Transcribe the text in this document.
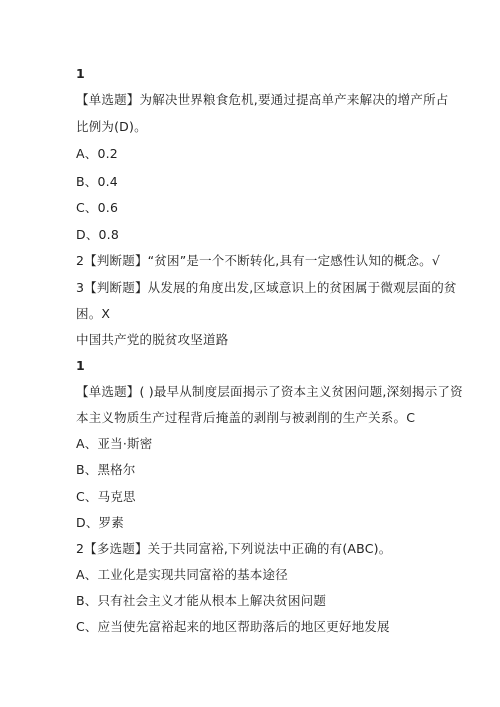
1
【单选题】为解决世界粮食危机,要通过提高单产来解决的增产所占
比例为(D)。
A、0.2
B、0.4
C、0.6
D、0.8
2【判断题】“贫困”是一个不断转化,具有一定感性认知的概念。√
3【判断题】从发展的角度出发,区域意识上的贫困属于微观层面的贫
困。X
中国共产党的脱贫攻坚道路
1
【单选题】( )最早从制度层面揭示了资本主义贫困问题,深刻揭示了资
本主义物质生产过程背后掩盖的剥削与被剥削的生产关系。C
A、亚当·斯密
B、黑格尔
C、马克思
D、罗素
2【多选题】关于共同富裕,下列说法中正确的有(ABC)。
A、工业化是实现共同富裕的基本途径
B、只有社会主义才能从根本上解决贫困问题
C、应当使先富裕起来的地区帮助落后的地区更好地发展
